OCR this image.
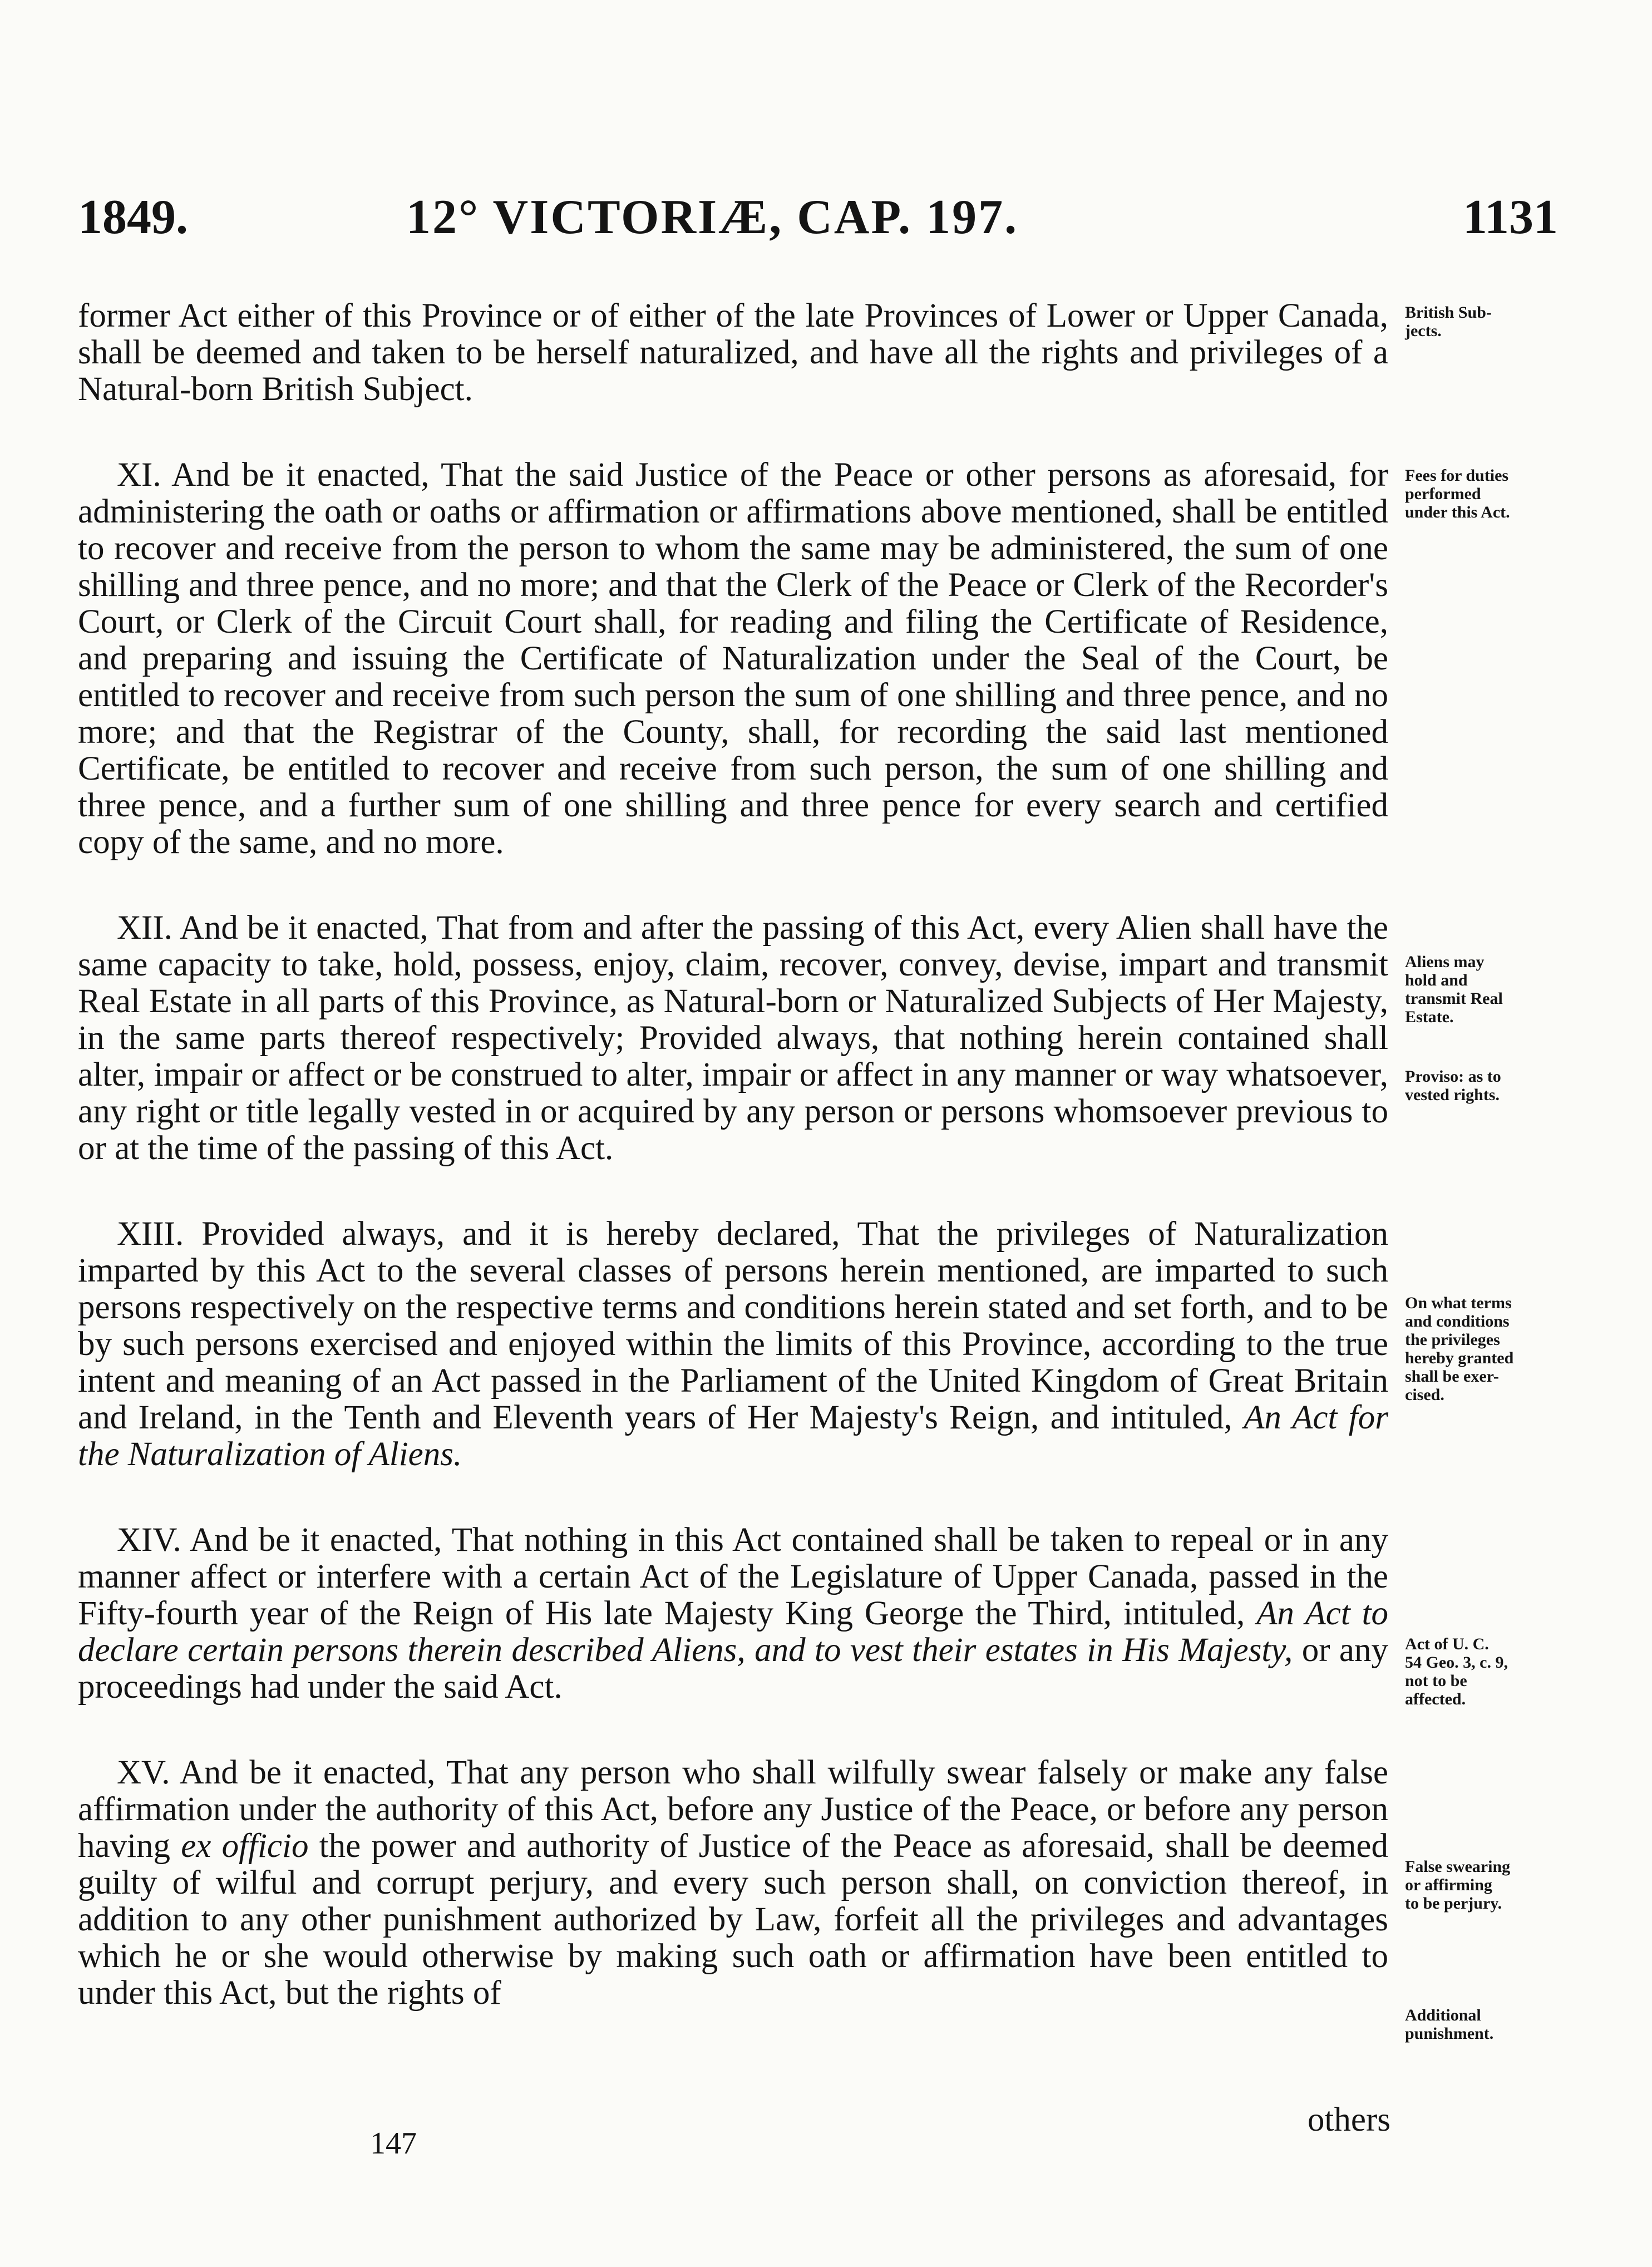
1849.	12° VICTORIÆ, CAP. 197.	1131

former Act either of this Province or of either of the late Provinces of Lower or Upper Canada, shall be deemed and taken to be herself naturalized, and have all the rights and privileges of a Natural-born British Subject.

XI. And be it enacted, That the said Justice of the Peace or other persons as aforesaid, for administering the oath or oaths or affirmation or affirmations above mentioned, shall be entitled to recover and receive from the person to whom the same may be administered, the sum of one shilling and three pence, and no more; and that the Clerk of the Peace or Clerk of the Recorder's Court, or Clerk of the Circuit Court shall, for reading and filing the Certificate of Residence, and preparing and issuing the Certificate of Naturalization under the Seal of the Court, be entitled to recover and receive from such person the sum of one shilling and three pence, and no more; and that the Registrar of the County, shall, for recording the said last mentioned Certificate, be entitled to recover and receive from such person, the sum of one shilling and three pence, and a further sum of one shilling and three pence for every search and certified copy of the same, and no more.

XII. And be it enacted, That from and after the passing of this Act, every Alien shall have the same capacity to take, hold, possess, enjoy, claim, recover, convey, devise, impart and transmit Real Estate in all parts of this Province, as Natural-born or Naturalized Subjects of Her Majesty, in the same parts thereof respectively; Provided always, that nothing herein contained shall alter, impair or affect or be construed to alter, impair or affect in any manner or way whatsoever, any right or title legally vested in or acquired by any person or persons whomsoever previous to or at the time of the passing of this Act.

XIII. Provided always, and it is hereby declared, That the privileges of Naturalization imparted by this Act to the several classes of persons herein mentioned, are imparted to such persons respectively on the respective terms and conditions herein stated and set forth, and to be by such persons exercised and enjoyed within the limits of this Province, according to the true intent and meaning of an Act passed in the Parliament of the United Kingdom of Great Britain and Ireland, in the Tenth and Eleventh years of Her Majesty's Reign, and intituled, An Act for the Naturalization of Aliens.

XIV. And be it enacted, That nothing in this Act contained shall be taken to repeal or in any manner affect or interfere with a certain Act of the Legislature of Upper Canada, passed in the Fifty-fourth year of the Reign of His late Majesty King George the Third, intituled, An Act to declare certain persons therein described Aliens, and to vest their estates in His Majesty, or any proceedings had under the said Act.

XV. And be it enacted, That any person who shall wilfully swear falsely or make any false affirmation under the authority of this Act, before any Justice of the Peace, or before any person having ex officio the power and authority of Justice of the Peace as aforesaid, shall be deemed guilty of wilful and corrupt perjury, and every such person shall, on conviction thereof, in addition to any other punishment authorized by Law, forfeit all the privileges and advantages which he or she would otherwise by making such oath or affirmation have been entitled to under this Act, but the rights of

British Sub-
jects.
Fees for duties
performed
under this Act.
Aliens may
hold and
transmit Real
Estate.
Proviso: as to
vested rights.
On what terms
and conditions
the privileges
hereby granted
shall be exer-
cised.
Act of U. C.
54 Geo. 3, c. 9,
not to be
affected.
False swearing
or affirming
to be perjury.
Additional
punishment.
others
147
